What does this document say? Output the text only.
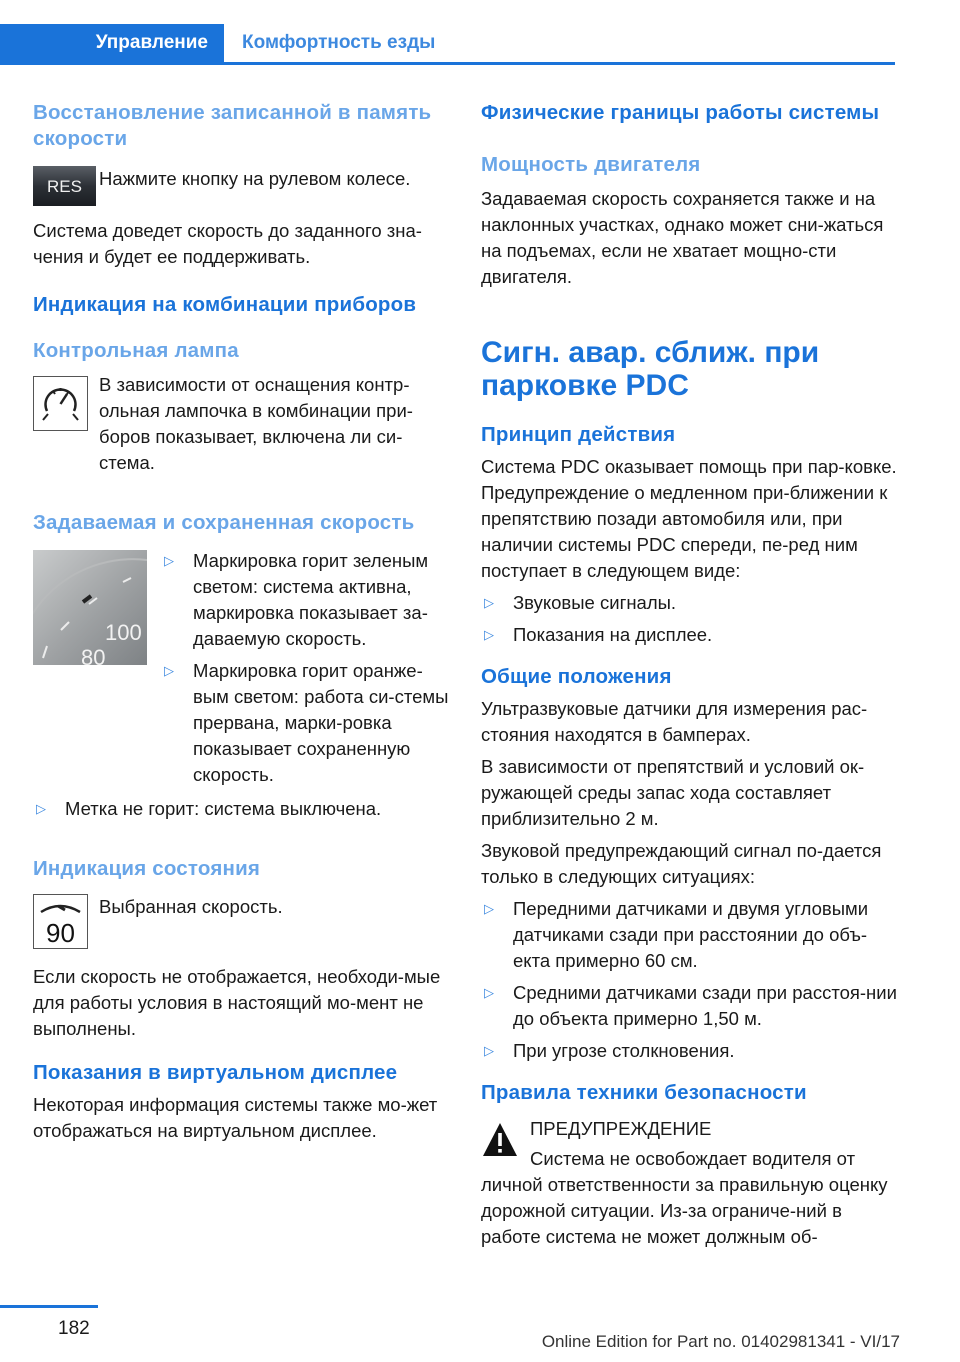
Управление	Комфортность езды
Восстановление записанной в память скорости
RES Нажмите кнопку на рулевом колесе.

Система доведет скорость до заданного зна-чения и будет ее поддерживать.

Индикация на комбинации приборов
Контрольная лампа

В зависимости от оснащения контр-ольная лампочка в комбинации при-боров показывает, включена ли си-стема.

Задаваемая и сохраненная скорость
100
80
▷ Маркировка горит зеленым светом: система активна, маркировка показывает за-даваемую скорость.
▷ Маркировка горит оранже-вым светом: работа си-стемы прервана, марки-ровка показывает сохраненную скорость.
▷ Метка не горит: система выключена.
Индикация состояния
90

Выбранная скорость.

Если скорость не отображается, необходи-мые для работы условия в настоящий мо-мент не выполнены.

Показания в виртуальном дисплее

Некоторая информация системы также мо-жет отображаться на виртуальном дисплее.

Физические границы работы системы
Мощность двигателя

Задаваемая скорость сохраняется также и на наклонных участках, однако может сни-жаться на подъемах, если не хватает мощно-сти двигателя.

Сигн. авар. сближ. при парковке PDC
Принцип действия

Система PDC оказывает помощь при пар-ковке. Предупреждение о медленном при-ближении к препятствию позади автомобиля или, при наличии системы PDC спереди, пе-ред ним поступает в следующем виде:

▷ Звуковые сигналы.
▷ Показания на дисплее.
Общие положения

Ультразвуковые датчики для измерения рас-стояния находятся в бамперах.

В зависимости от препятствий и условий ок-ружающей среды запас хода составляет приблизительно 2 м.

Звуковой предупреждающий сигнал по-дается только в следующих ситуациях:

▷ Передними датчиками и двумя угловыми датчиками сзади при расстоянии до объ-екта примерно 60 см.
▷ Средними датчиками сзади при расстоя-нии до объекта примерно 1,50 м.
▷ При угрозе столкновения.
Правила техники безопасности

ПРЕДУПРЕЖДЕНИЕ

Система не освобождает водителя от личной ответственности за правильную оценку дорожной ситуации. Из-за ограниче-ний в работе система не может должным об-

182
Online Edition for Part no. 01402981341 - VI/17
